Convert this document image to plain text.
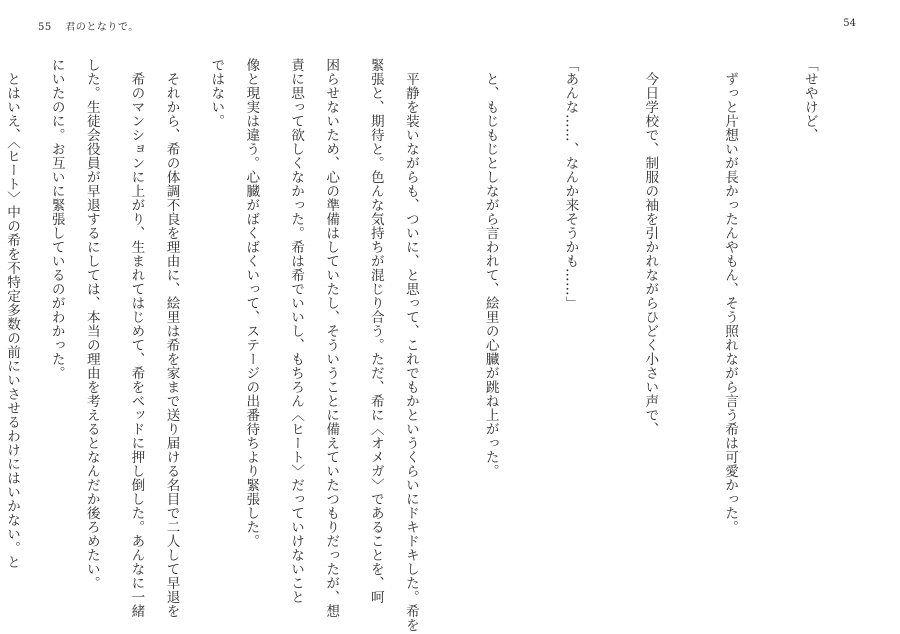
55 君のとなりで。

緊張と、期待と。色んな気持ちが混じり合う。ただ、希に〈オメガ〉であることを、呵

責に思って欲しくなかった。希は希でいいし、もちろん〈ヒート〉だっていけないこと

ではない。

　希のマンションに上がり、生まれてはじめて、希をベッドに押し倒した。あんなに一緒

にいたのに。お互いに緊張しているのがわかった。

54

「せやけど、

　ずっと片想いが長かったんやもん、そう照れながら言う希は可愛かった。

　今日学校で、制服の袖を引かれながらひどく小さい声で、

「あんな……、なんか来そうかも……」

　と、もじもじとしながら言われて、絵里の心臓が跳ね上がった。

　平静を装いながらも、ついに、と思って、これでもかというくらいにドキドキした。希を

困らせないため、心の準備はしていたし、そういうことに備えていたつもりだったが、想

像と現実は違う。心臓がばくばくいって、ステージの出番待ちより緊張した。

　それから、希の体調不良を理由に、絵里は希を家まで送り届ける名目で二人して早退を

した。生徒会役員が早退するにしては、本当の理由を考えるとなんだか後ろめたい。

　とはいえ、〈ヒート〉中の希を不特定多数の前にいさせるわけにはいかない。と
